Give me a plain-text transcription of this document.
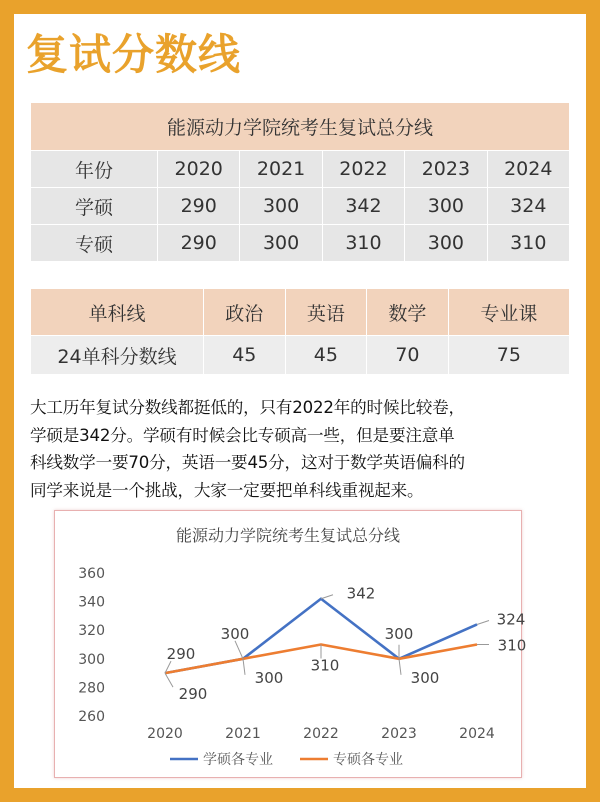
复试分数线
能源动力学院统考生复试总分线					
年份	2020	2021	2022	2023	2024
学硕	290	300	342	300	324
专硕	290	300	310	300	310
单科线	政治	英语	数学	专业课
24单科分数线	45	45	70	75
大工历年复试分数线都挺低的，只有2022年的时候比较卷，
学硕是342分。学硕有时候会比专硕高一些，但是要注意单
科线数学一要70分，英语一要45分，这对于数学英语偏科的
同学来说是一个挑战，大家一定要把单科线重视起来。
能源动力学院统考生复试总分线
260
280
300
320
340
360
2020	2021	2022	2023	2024
300
342
300
324
290
300
310
300
310
290
学硕各专业	专硕各专业
